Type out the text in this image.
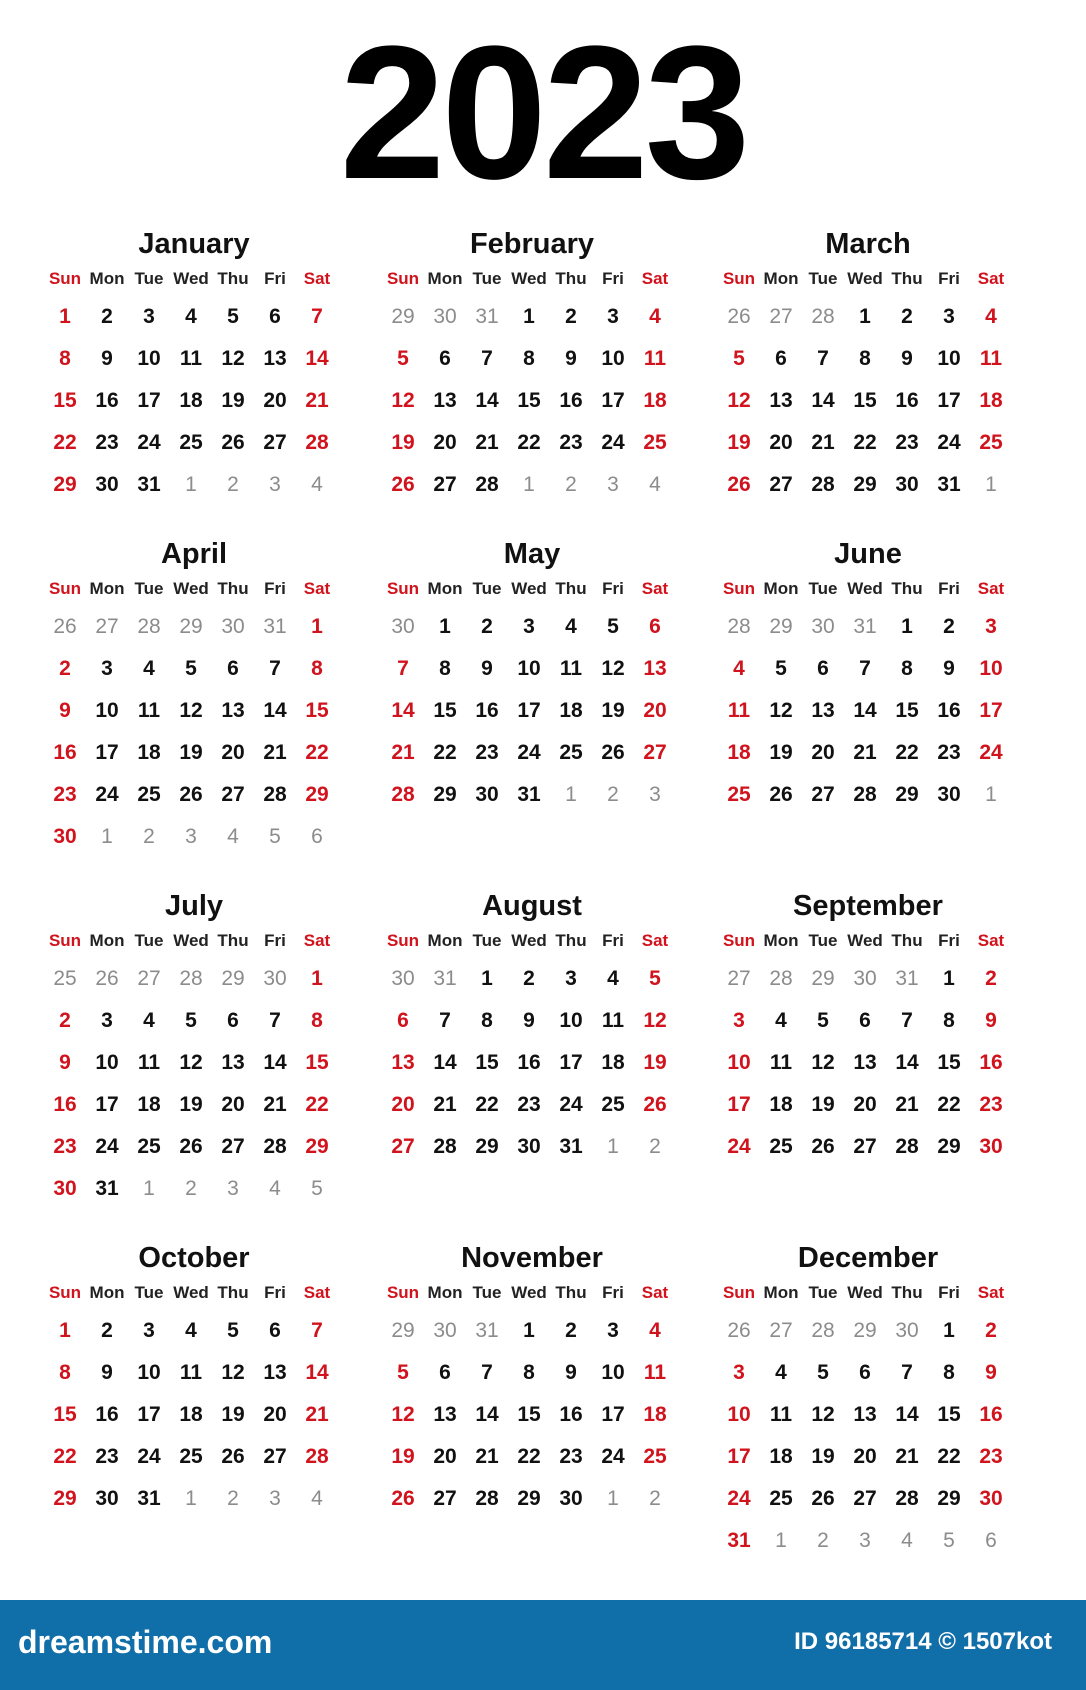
2023
January
Sun Mon Tue Wed Thu Fri	Sat
1	2	3	4	5	6	7
8	9	10 11 12 13 14
15 16 17 18 19 20 21
22 23 24 25 26 27 28
29 30 31	1	2	3	4
February
Sun Mon Tue Wed Thu Fri	Sat
29 30 31	1	2	3	4
5	6	7	8	9	10 11
12 13 14 15 16 17 18
19 20 21 22 23 24 25
26 27 28	1	2	3	4
March
Sun Mon Tue Wed Thu Fri	Sat
26 27 28	1	2	3	4
5	6	7	8	9	10 11
12 13 14 15 16 17 18
19 20 21 22 23 24 25
26 27 28 29 30 31	1
April
Sun Mon Tue Wed Thu Fri	Sat
26 27 28 29 30 31	1
2	3	4	5	6	7	8
9	10 11 12 13 14 15
16 17 18 19 20 21 22
23 24 25 26 27 28 29
30	1	2	3	4	5	6
May
Sun Mon Tue Wed Thu Fri	Sat
30	1	2	3	4	5	6
7	8	9	10 11 12 13
14 15 16 17 18 19 20
21 22 23 24 25 26 27
28 29 30 31	1	2	3
June
Sun Mon Tue Wed Thu Fri	Sat
28 29 30 31	1	2	3
4	5	6	7	8	9	10
11 12 13 14 15 16 17
18 19 20 21 22 23 24
25 26 27 28 29 30	1
July
Sun Mon Tue Wed Thu Fri	Sat
25 26 27 28 29 30	1
2	3	4	5	6	7	8
9	10 11 12 13 14 15
16 17 18 19 20 21 22
23 24 25 26 27 28 29
30 31	1	2	3	4	5
August
Sun Mon Tue Wed Thu Fri	Sat
30 31	1	2	3	4	5
6	7	8	9	10 11 12
13 14 15 16 17 18 19
20 21 22 23 24 25 26
27 28 29 30 31	1	2
September
Sun Mon Tue Wed Thu Fri	Sat
27 28 29 30 31	1	2
3	4	5	6	7	8	9
10 11 12 13 14 15 16
17 18 19 20 21 22 23
24 25 26 27 28 29 30
October
Sun Mon Tue Wed Thu Fri	Sat
1	2	3	4	5	6	7
8	9	10 11 12 13 14
15 16 17 18 19 20 21
22 23 24 25 26 27 28
29 30 31	1	2	3	4
November
Sun Mon Tue Wed Thu Fri	Sat
29 30 31	1	2	3	4
5	6	7	8	9	10 11
12 13 14 15 16 17 18
19 20 21 22 23 24 25
26 27 28 29 30	1	2
December
Sun Mon Tue Wed Thu Fri	Sat
26 27 28 29 30	1	2
3	4	5	6	7	8	9
10 11 12 13 14 15 16
17 18 19 20 21 22 23
24 25 26 27 28 29 30
31	1	2	3	4	5	6
dreamstime.com	ID 96185714 © 1507kot
